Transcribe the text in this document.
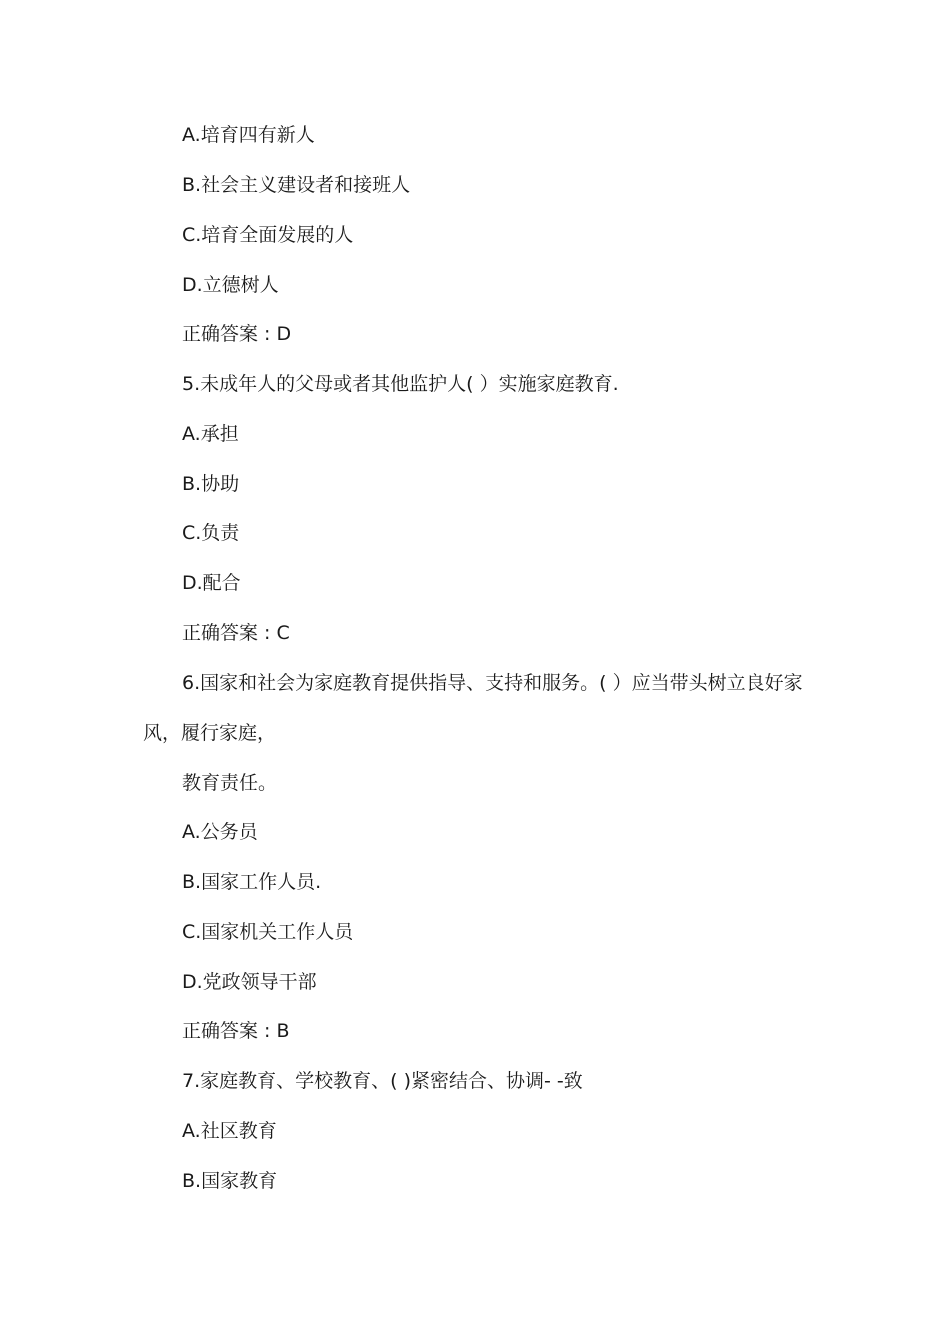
A.培育四有新人
B.社会主义建设者和接班人
C.培育全面发展的人
D.立德树人
正确答案 : D
5.未成年人的父母或者其他监护人( ）实施家庭教育.
A.承担
B.协助
C.负责
D.配合
正确答案 : C
6.国家和社会为家庭教育提供指导、支持和服务。( ）应当带头树立良好家
风，履行家庭，
教育责任。
A.公务员
B.国家工作人员.
C.国家机关工作人员
D.党政领导干部
正确答案 : B
7.家庭教育、学校教育、( )紧密结合、协调- -致
A.社区教育
B.国家教育
